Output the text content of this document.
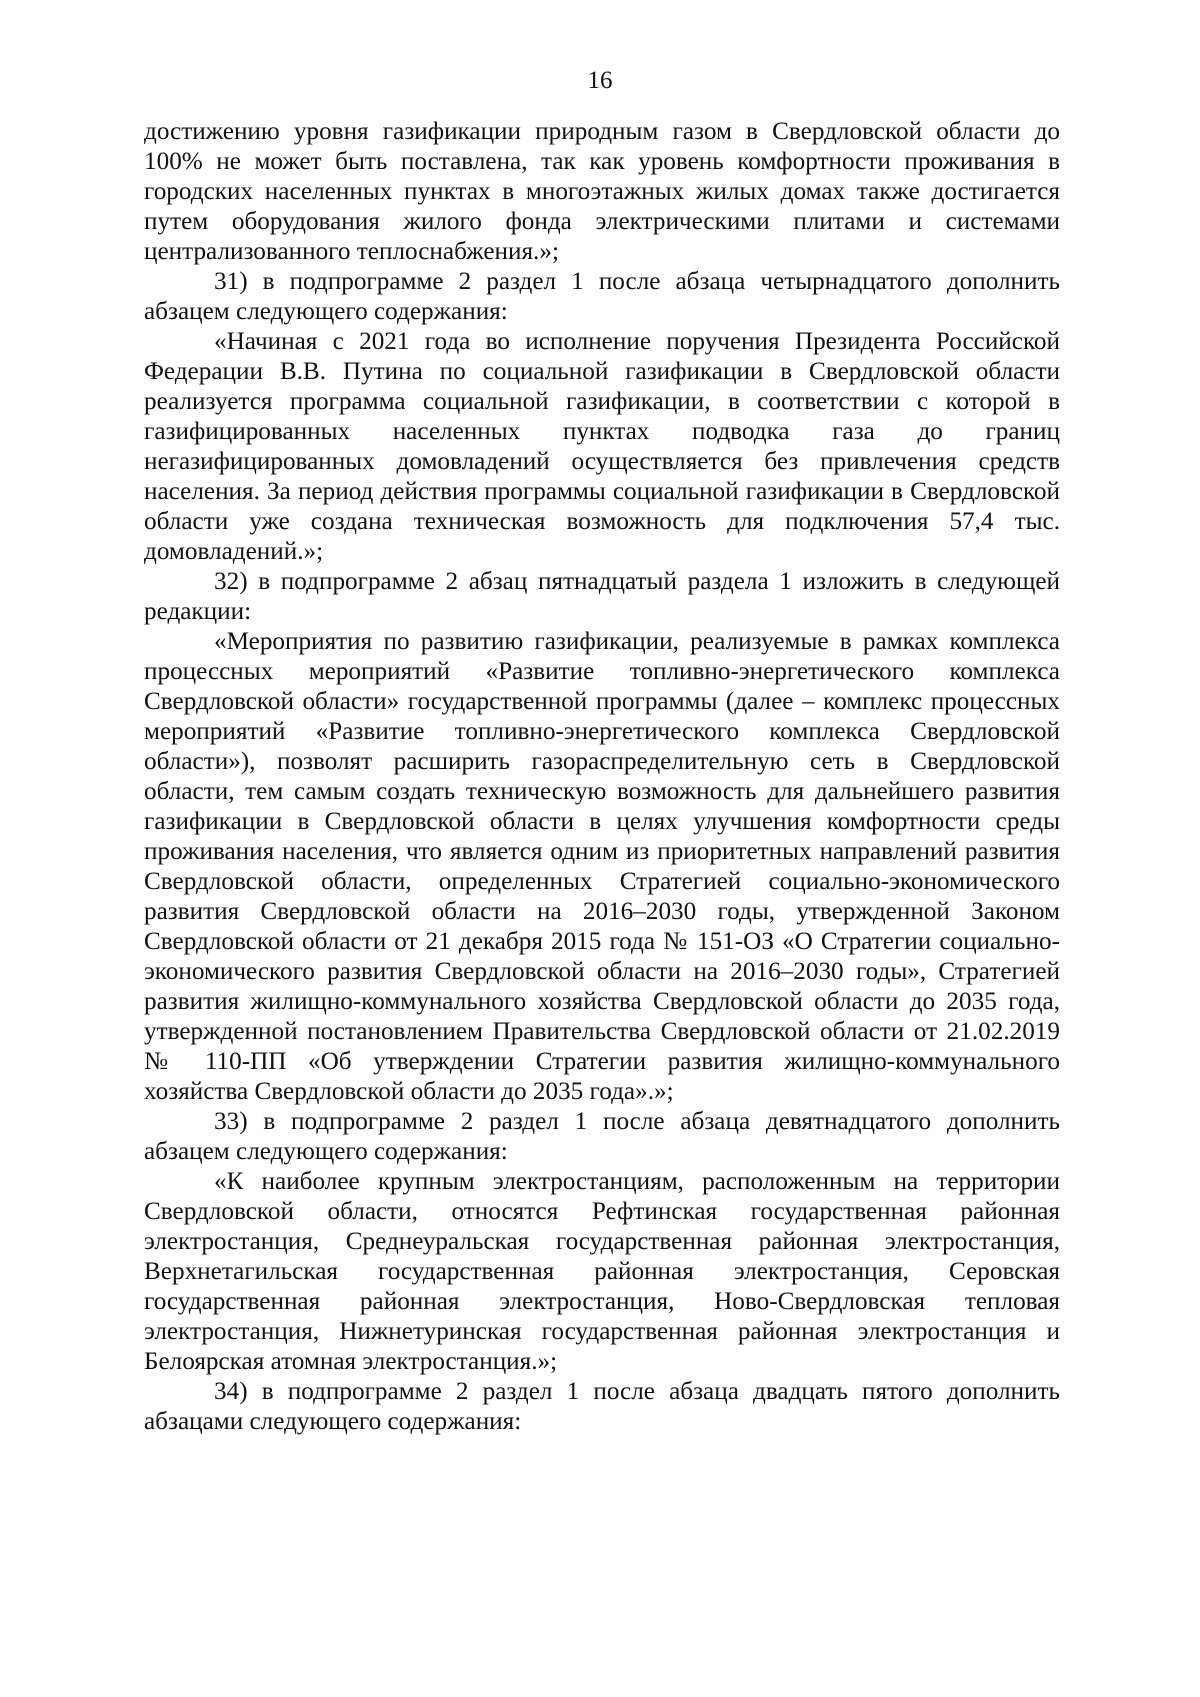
16

достижению уровня газификации природным газом в Свердловской области до 100% не может быть поставлена, так как уровень комфортности проживания в городских населенных пунктах в многоэтажных жилых домах также достигается путем оборудования жилого фонда электрическими плитами и системами централизованного теплоснабжения.»;

31) в подпрограмме 2 раздел 1 после абзаца четырнадцатого дополнить абзацем следующего содержания:

«Начиная с 2021 года во исполнение поручения Президента Российской Федерации В.В. Путина по социальной газификации в Свердловской области реализуется программа социальной газификации, в соответствии с которой в газифицированных населенных пунктах подводка газа до границ негазифицированных домовладений осуществляется без привлечения средств населения. За период действия программы социальной газификации в Свердловской области уже создана техническая возможность для подключения 57,4 тыс. домовладений.»;

32) в подпрограмме 2 абзац пятнадцатый раздела 1 изложить в следующей редакции:

«Мероприятия по развитию газификации, реализуемые в рамках комплекса процессных мероприятий «Развитие топливно-энергетического комплекса Свердловской области» государственной программы (далее – комплекс процессных мероприятий «Развитие топливно-энергетического комплекса Свердловской области»), позволят расширить газораспределительную сеть в Свердловской области, тем самым создать техническую возможность для дальнейшего развития газификации в Свердловской области в целях улучшения комфортности среды проживания населения, что является одним из приоритетных направлений развития Свердловской области, определенных Стратегией социально-экономического развития Свердловской области на 2016–2030 годы, утвержденной Законом Свердловской области от 21 декабря 2015 года № 151-ОЗ «О Стратегии социально-экономического развития Свердловской области на 2016–2030 годы», Стратегией развития жилищно-коммунального хозяйства Свердловской области до 2035 года, утвержденной постановлением Правительства Свердловской области от 21.02.2019 № 110-ПП «Об утверждении Стратегии развития жилищно-коммунального хозяйства Свердловской области до 2035 года».»;

33) в подпрограмме 2 раздел 1 после абзаца девятнадцатого дополнить абзацем следующего содержания:

«К наиболее крупным электростанциям, расположенным на территории Свердловской области, относятся Рефтинская государственная районная электростанция, Среднеуральская государственная районная электростанция, Верхнетагильская государственная районная электростанция, Серовская государственная районная электростанция, Ново-Свердловская тепловая электростанция, Нижнетуринская государственная районная электростанция и Белоярская атомная электростанция.»;

34) в подпрограмме 2 раздел 1 после абзаца двадцать пятого дополнить абзацами следующего содержания:
